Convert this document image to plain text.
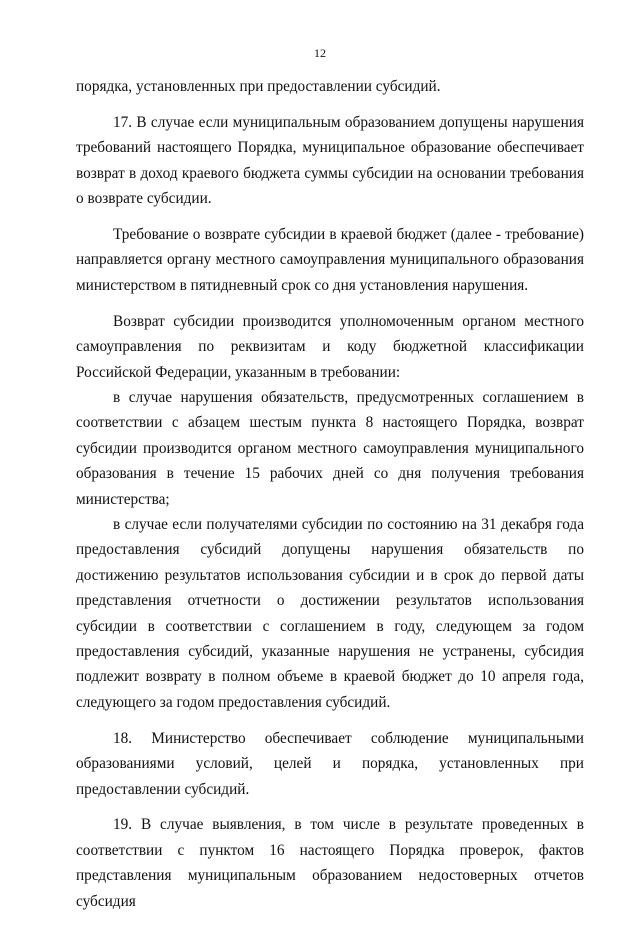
12

порядка, установленных при предоставлении субсидий.

17. В случае если муниципальным образованием допущены нарушения требований настоящего Порядка, муниципальное образование обеспечивает возврат в доход краевого бюджета суммы субсидии на основании требования о возврате субсидии.

Требование о возврате субсидии в краевой бюджет (далее - требование) направляется органу местного самоуправления муниципального образования министерством в пятидневный срок со дня установления нарушения.

Возврат субсидии производится уполномоченным органом местного самоуправления по реквизитам и коду бюджетной классификации Российской Федерации, указанным в требовании:

в случае нарушения обязательств, предусмотренных соглашением в соответствии с абзацем шестым пункта 8 настоящего Порядка, возврат субсидии производится органом местного самоуправления муниципального образования в течение 15 рабочих дней со дня получения требования министерства;

в случае если получателями субсидии по состоянию на 31 декабря года предоставления субсидий допущены нарушения обязательств по достижению результатов использования субсидии и в срок до первой даты представления отчетности о достижении результатов использования субсидии в соответствии с соглашением в году, следующем за годом предоставления субсидий, указанные нарушения не устранены, субсидия подлежит возврату в полном объеме в краевой бюджет до 10 апреля года, следующего за годом предоставления субсидий.

18. Министерство обеспечивает соблюдение муниципальными образованиями условий, целей и порядка, установленных при предоставлении субсидий.

19. В случае выявления, в том числе в результате проведенных в соответствии с пунктом 16 настоящего Порядка проверок, фактов представления муниципальным образованием недостоверных отчетов субсидия
